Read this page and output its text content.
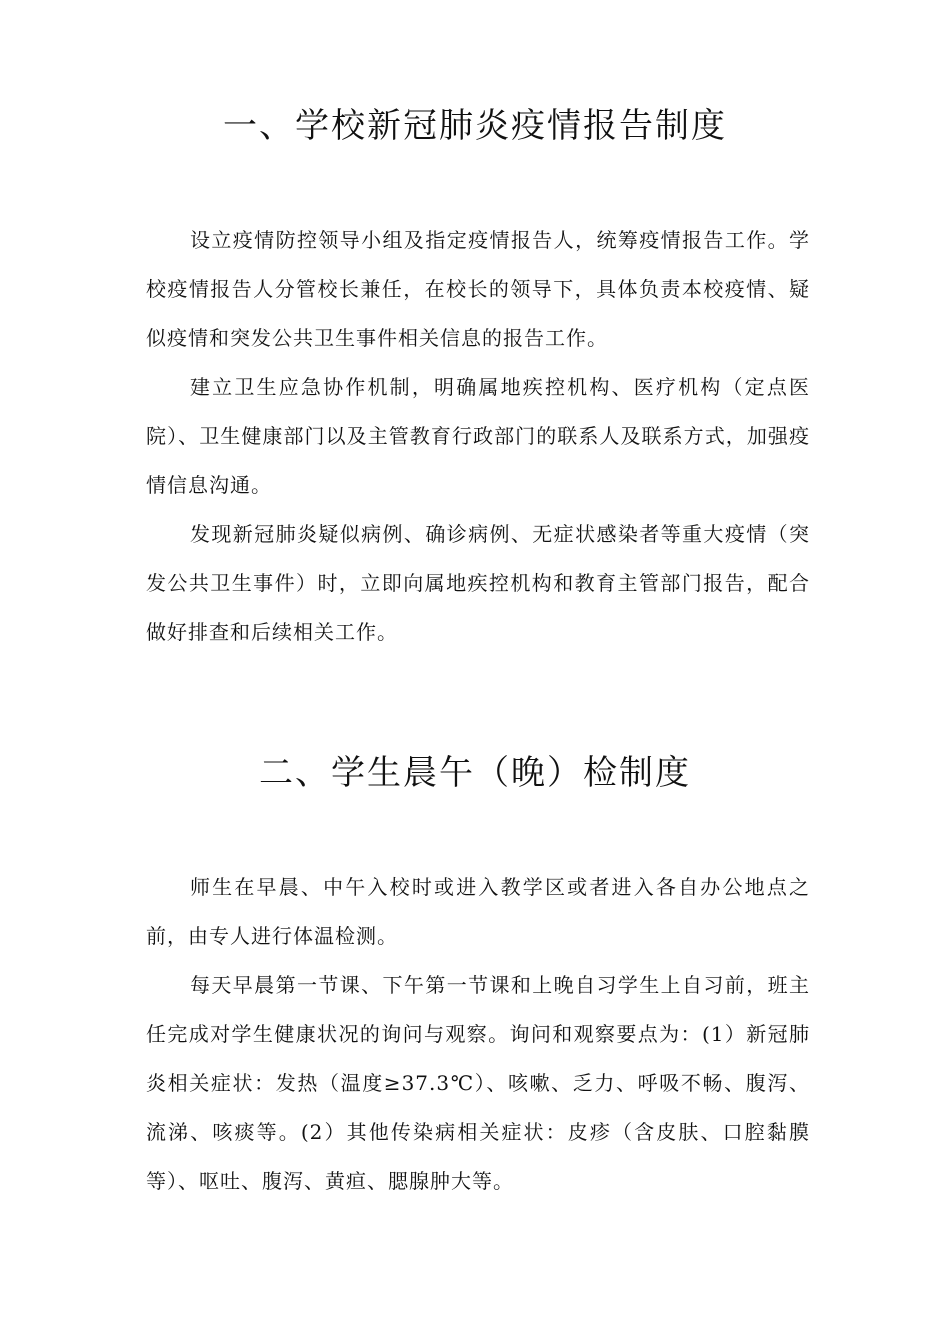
一、学校新冠肺炎疫情报告制度

设立疫情防控领导小组及指定疫情报告人，统筹疫情报告工作。学校疫情报告人分管校长兼任，在校长的领导下，具体负责本校疫情、疑似疫情和突发公共卫生事件相关信息的报告工作。

建立卫生应急协作机制，明确属地疾控机构、医疗机构（定点医院）、卫生健康部门以及主管教育行政部门的联系人及联系方式，加强疫情信息沟通。

发现新冠肺炎疑似病例、确诊病例、无症状感染者等重大疫情（突发公共卫生事件）时，立即向属地疾控机构和教育主管部门报告，配合做好排查和后续相关工作。

二、学生晨午（晚）检制度

师生在早晨、中午入校时或进入教学区或者进入各自办公地点之前，由专人进行体温检测。

每天早晨第一节课、下午第一节课和上晚自习学生上自习前，班主任完成对学生健康状况的询问与观察。询问和观察要点为：(1）新冠肺炎相关症状：发热（温度≥37.3℃）、咳嗽、乏力、呼吸不畅、腹泻、流涕、咳痰等。(2）其他传染病相关症状：皮疹（含皮肤、口腔黏膜等）、呕吐、腹泻、黄疸、腮腺肿大等。
